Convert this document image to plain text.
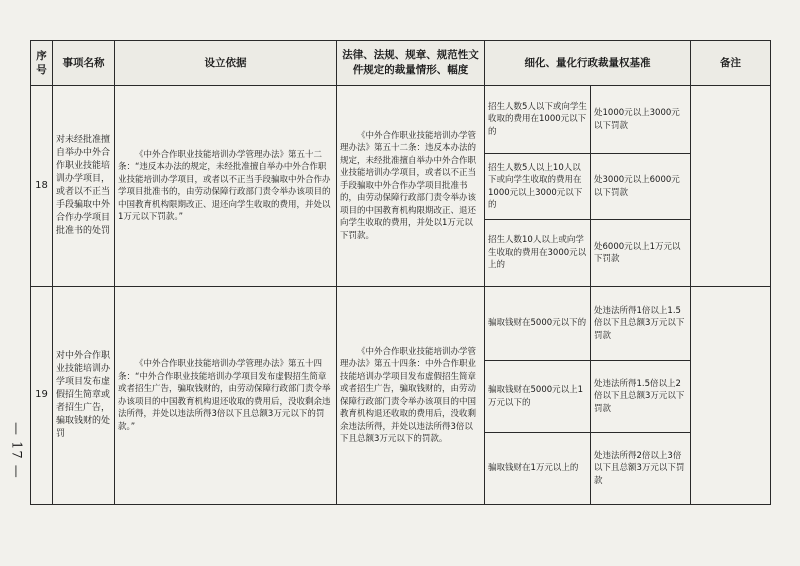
— 17 —
序号	事项名称	设立依据	法律、法规、规章、规范性文件规定的裁量情形、幅度	细化、量化行政裁量权基准		备注
18	对未经批准擅自举办中外合作职业技能培训办学项目，或者以不正当手段骗取中外合作办学项目批准书的处罚	《中外合作职业技能培训办学管理办法》第五十二条：“违反本办法的规定，未经批准擅自举办中外合作职业技能培训办学项目，或者以不正当手段骗取中外合作办学项目批准书的，由劳动保障行政部门责令举办该项目的中国教育机构限期改正、退还向学生收取的费用，并处以1万元以下罚款。”	《中外合作职业技能培训办学管理办法》第五十二条：违反本办法的规定，未经批准擅自举办中外合作职业技能培训办学项目，或者以不正当手段骗取中外合作办学项目批准书的，由劳动保障行政部门责令举办该项目的中国教育机构限期改正、退还向学生收取的费用，并处以1万元以下罚款。	招生人数5人以下或向学生收取的费用在1000元以下的	处1000元以上3000元以下罚款	
				招生人数5人以上10人以下或向学生收取的费用在1000元以上3000元以下的	处3000元以上6000元以下罚款	
				招生人数10人以上或向学生收取的费用在3000元以上的	处6000元以上1万元以下罚款	
19	对中外合作职业技能培训办学项目发布虚假招生简章或者招生广告，骗取钱财的处罚	《中外合作职业技能培训办学管理办法》第五十四条：“中外合作职业技能培训办学项目发布虚假招生简章或者招生广告，骗取钱财的，由劳动保障行政部门责令举办该项目的中国教育机构退还收取的费用后，没收剩余违法所得，并处以违法所得3倍以下且总额3万元以下的罚款。”	《中外合作职业技能培训办学管理办法》第五十四条：中外合作职业技能培训办学项目发布虚假招生简章或者招生广告，骗取钱财的，由劳动保障行政部门责令举办该项目的中国教育机构退还收取的费用后，没收剩余违法所得，并处以违法所得3倍以下且总额3万元以下的罚款。	骗取钱财在5000元以下的	处违法所得1倍以上1.5倍以下且总额3万元以下罚款	
				骗取钱财在5000元以上1万元以下的	处违法所得1.5倍以上2倍以下且总额3万元以下罚款	
				骗取钱财在1万元以上的	处违法所得2倍以上3倍以下且总额3万元以下罚款	
